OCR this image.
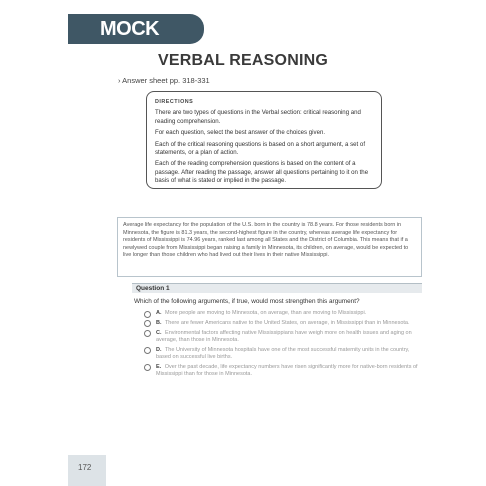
MOCK TEST 1
VERBAL REASONING
› Answer sheet pp. 318-331
DIRECTIONS

There are two types of questions in the Verbal section: critical reasoning and reading comprehension.

For each question, select the best answer of the choices given.

Each of the critical reasoning questions is based on a short argument, a set of statements, or a plan of action.

Each of the reading comprehension questions is based on the content of a passage. After reading the passage, answer all questions pertaining to it on the basis of what is stated or implied in the passage.

Average life expectancy for the population of the U.S. born in the country is 78.8 years. For those residents born in Minnesota, the figure is 81.3 years, the second-highest figure in the country, whereas average life expectancy for residents of Mississippi is 74.96 years, ranked last among all States and the District of Columbia. This means that if a newlywed couple from Mississippi began raising a family in Minnesota, its children, on average, would be expected to live longer than those children who had lived out their lives in their native Mississippi.
Question 1
Which of the following arguments, if true, would most strengthen this argument?
A. More people are moving to Minnesota, on average, than are moving to Mississippi.
B. There are fewer Americans native to the United States, on average, in Mississippi than in Minnesota.
C. Environmental factors affecting native Mississippians have weigh more on health issues and aging on average, than those in Minnesota.
D. The University of Minnesota hospitals have one of the most successful maternity units in the country, based on successful live births.
E. Over the past decade, life expectancy numbers have risen significantly more for native-born residents of Mississippi than for those in Minnesota.
172
